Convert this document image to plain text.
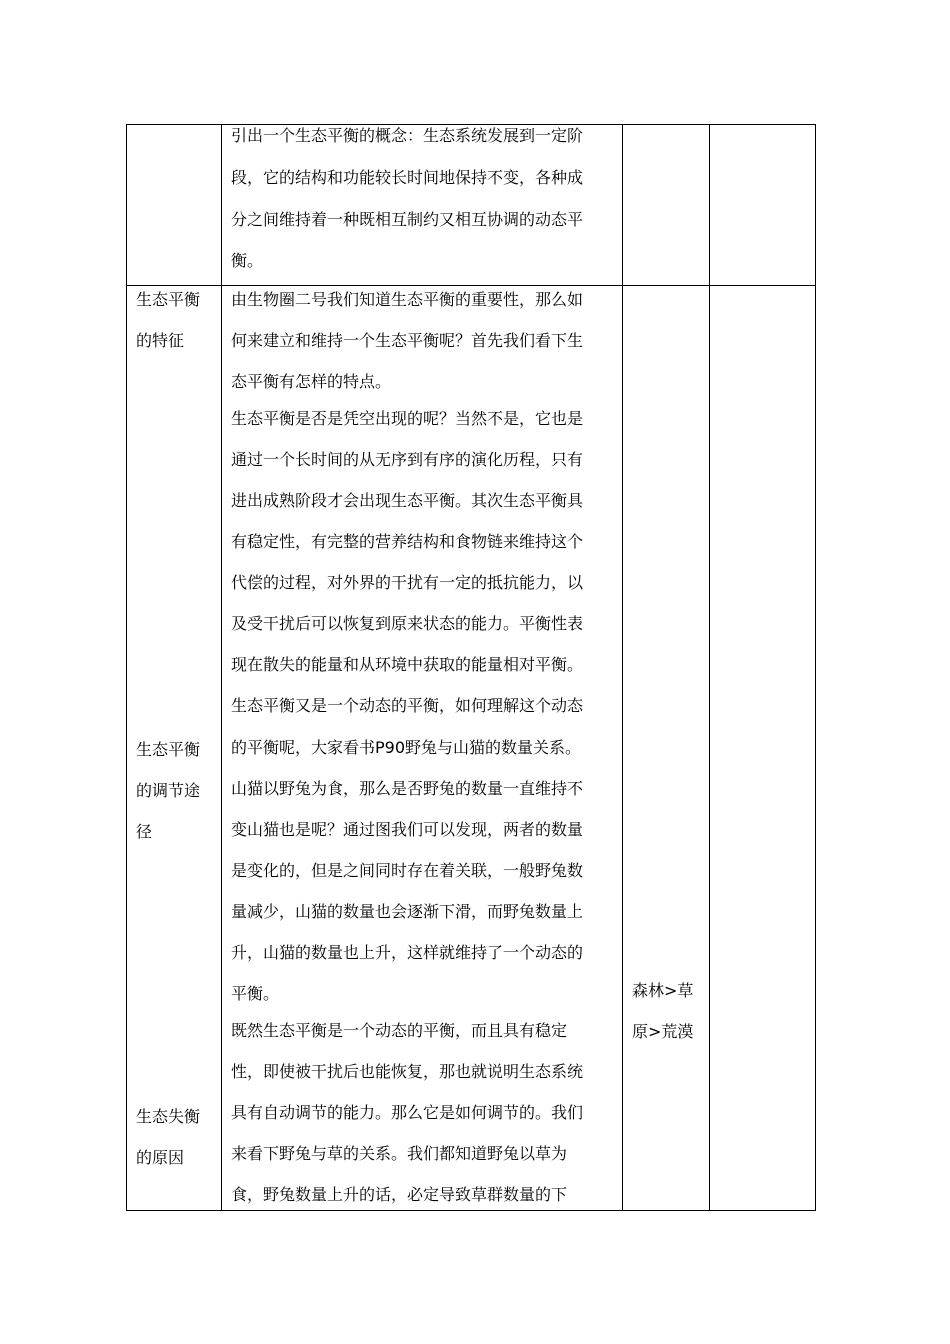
引出一个生态平衡的概念：生态系统发展到一定阶
段，它的结构和功能较长时间地保持不变，各种成
分之间维持着一种既相互制约又相互协调的动态平
衡。
生态平衡
的特征
生态平衡
的调节途
径
生态失衡
的原因
由生物圈二号我们知道生态平衡的重要性，那么如
何来建立和维持一个生态平衡呢？首先我们看下生
态平衡有怎样的特点。
生态平衡是否是凭空出现的呢？当然不是，它也是
通过一个长时间的从无序到有序的演化历程，只有
进出成熟阶段才会出现生态平衡。其次生态平衡具
有稳定性，有完整的营养结构和食物链来维持这个
代偿的过程，对外界的干扰有一定的抵抗能力，以
及受干扰后可以恢复到原来状态的能力。平衡性表
现在散失的能量和从环境中获取的能量相对平衡。
生态平衡又是一个动态的平衡，如何理解这个动态
的平衡呢，大家看书P90野兔与山猫的数量关系。
山猫以野兔为食，那么是否野兔的数量一直维持不
变山猫也是呢？通过图我们可以发现，两者的数量
是变化的，但是之间同时存在着关联，一般野兔数
量减少，山猫的数量也会逐渐下滑，而野兔数量上
升，山猫的数量也上升，这样就维持了一个动态的
平衡。
既然生态平衡是一个动态的平衡，而且具有稳定
性，即使被干扰后也能恢复，那也就说明生态系统
具有自动调节的能力。那么它是如何调节的。我们
来看下野兔与草的关系。我们都知道野兔以草为
食，野兔数量上升的话，必定导致草群数量的下
森林>草
原>荒漠
